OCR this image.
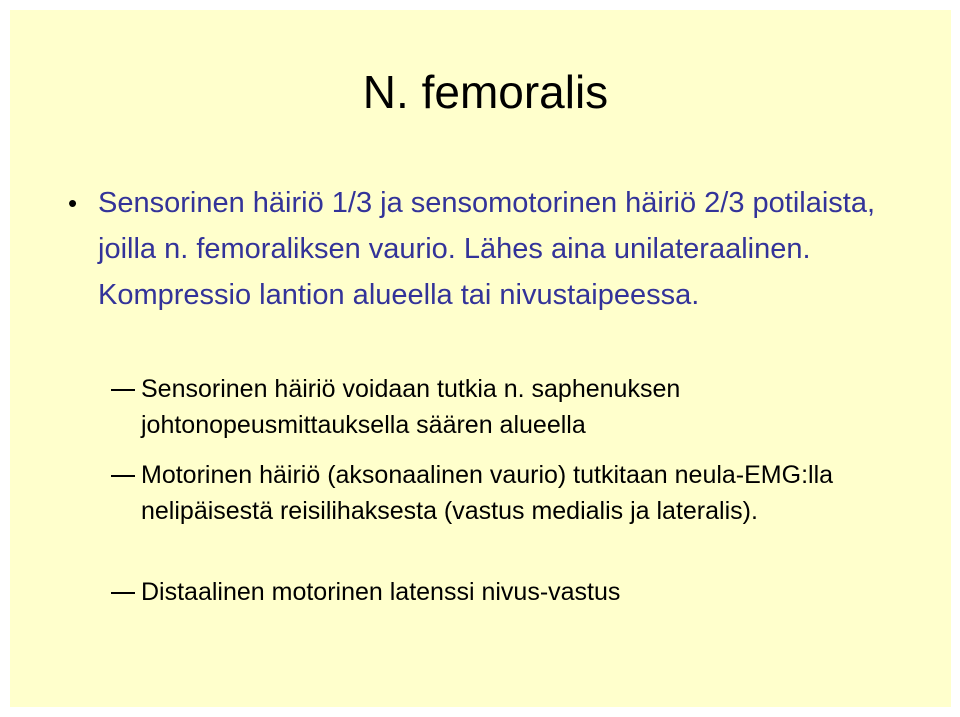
N. femoralis
• Sensorinen häiriö 1/3 ja sensomotorinen häiriö 2/3 potilaista, joilla n. femoraliksen vaurio. Lähes aina unilateraalinen. Kompressio lantion alueella tai nivustaipeessa.
Sensorinen häiriö voidaan tutkia n. saphenuksen johtonopeusmittauksella säären alueella
Motorinen häiriö (aksonaalinen vaurio) tutkitaan neula-EMG:lla nelipäisestä reisilihaksesta (vastus medialis ja lateralis).
Distaalinen motorinen latenssi nivus-vastus
